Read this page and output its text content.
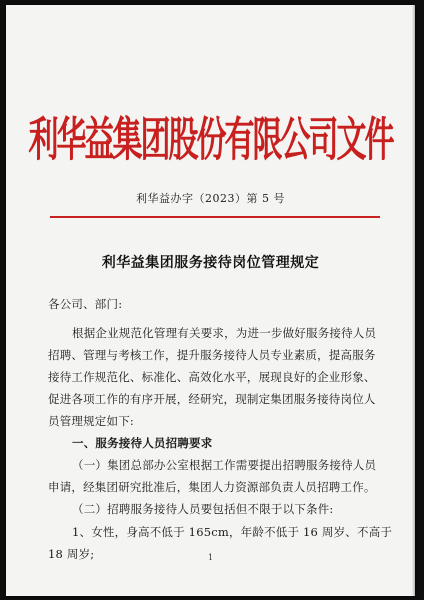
利华益集团股份有限公司文件
利华益办字（2023）第 5 号
利华益集团服务接待岗位管理规定
各公司、部门:
根据企业规范化管理有关要求，为进一步做好服务接待人员
招聘、管理与考核工作，提升服务接待人员专业素质，提高服务
接待工作规范化、标准化、高效化水平，展现良好的企业形象、
促进各项工作的有序开展，经研究，现制定集团服务接待岗位人
员管理规定如下:
一、服务接待人员招聘要求
（一）集团总部办公室根据工作需要提出招聘服务接待人员
申请，经集团研究批准后，集团人力资源部负责人员招聘工作。
（二）招聘服务接待人员要包括但不限于以下条件:
1、女性，身高不低于 165cm，年龄不低于 16 周岁、不高于
18 周岁;	1
